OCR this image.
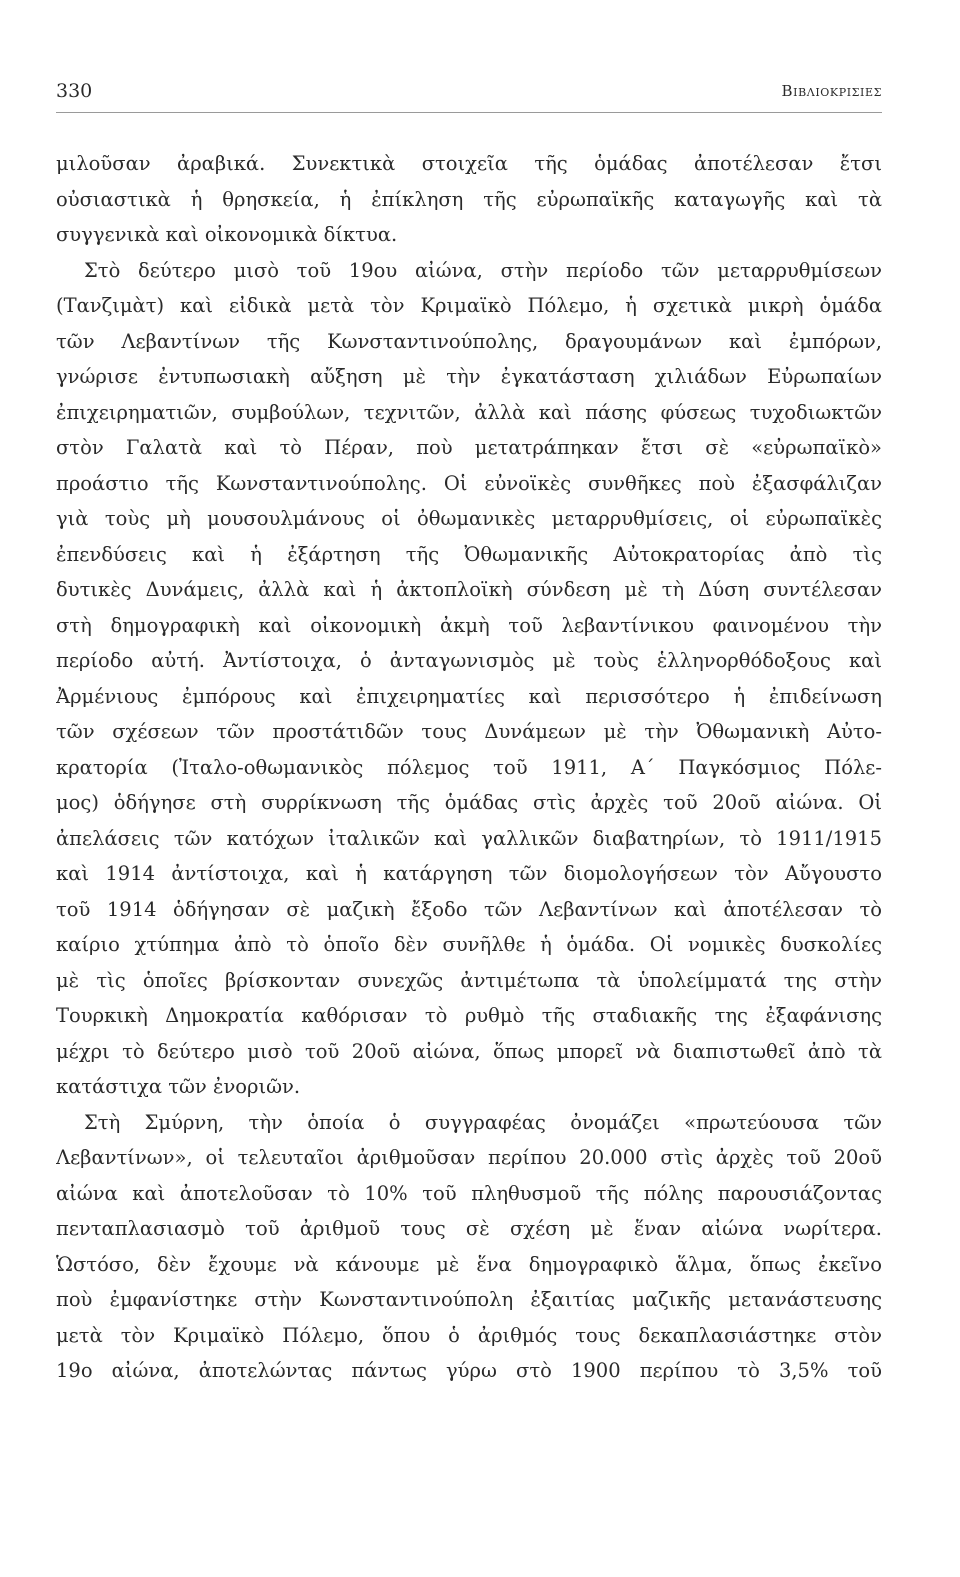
330	Βιβλιοκρισιες
μιλοῦσαν ἀραβικά. Συνεκτικὰ στοιχεῖα τῆς ὁμάδας ἀποτέλεσαν ἔτσι
οὐσιαστικὰ ἡ θρησκεία, ἡ ἐπίκληση τῆς εὐρωπαϊκῆς καταγωγῆς καὶ τὰ
συγγενικὰ καὶ οἰκονομικὰ δίκτυα.
Στὸ δεύτερο μισὸ τοῦ 19ου αἰώνα, στὴν περίοδο τῶν μεταρρυθμίσεων
(Τανζιμὰτ) καὶ εἰδικὰ μετὰ τὸν Κριμαϊκὸ Πόλεμο, ἡ σχετικὰ μικρὴ ὁμάδα
τῶν Λεβαντίνων τῆς Κωνσταντινούπολης, δραγουμάνων καὶ ἐμπόρων,
γνώρισε ἐντυπωσιακὴ αὔξηση μὲ τὴν ἐγκατάσταση χιλιάδων Εὐρωπαίων
ἐπιχειρηματιῶν, συμβούλων, τεχνιτῶν, ἀλλὰ καὶ πάσης φύσεως τυχοδιωκτῶν
στὸν Γαλατὰ καὶ τὸ Πέραν, ποὺ μετατράπηκαν ἔτσι σὲ «εὐρωπαϊκὸ»
προάστιο τῆς Κωνσταντινούπολης. Οἱ εὐνοϊκὲς συνθῆκες ποὺ ἐξασφάλιζαν
γιὰ τοὺς μὴ μουσουλμάνους οἱ ὀθωμανικὲς μεταρρυθμίσεις, οἱ εὐρωπαϊκὲς
ἐπενδύσεις καὶ ἡ ἐξάρτηση τῆς Ὀθωμανικῆς Αὐτοκρατορίας ἀπὸ τὶς
δυτικὲς Δυνάμεις, ἀλλὰ καὶ ἡ ἀκτοπλοϊκὴ σύνδεση μὲ τὴ Δύση συντέλεσαν
στὴ δημογραφικὴ καὶ οἰκονομικὴ ἀκμὴ τοῦ λεβαντίνικου φαινομένου τὴν
περίοδο αὐτή. Ἀντίστοιχα, ὁ ἀνταγωνισμὸς μὲ τοὺς ἑλληνορθόδοξους καὶ
Ἀρμένιους ἐμπόρους καὶ ἐπιχειρηματίες καὶ περισσότερο ἡ ἐπιδείνωση
τῶν σχέσεων τῶν προστάτιδῶν τους Δυνάμεων μὲ τὴν Ὀθωμανικὴ Αὐτο-
κρατορία (Ἰταλο-οθωμανικὸς πόλεμος τοῦ 1911, Α΄ Παγκόσμιος Πόλε-
μος) ὁδήγησε στὴ συρρίκνωση τῆς ὁμάδας στὶς ἀρχὲς τοῦ 20οῦ αἰώνα. Οἱ
ἀπελάσεις τῶν κατόχων ἰταλικῶν καὶ γαλλικῶν διαβατηρίων, τὸ 1911/1915
καὶ 1914 ἀντίστοιχα, καὶ ἡ κατάργηση τῶν διομολογήσεων τὸν Αὔγουστο
τοῦ 1914 ὁδήγησαν σὲ μαζικὴ ἔξοδο τῶν Λεβαντίνων καὶ ἀποτέλεσαν τὸ
καίριο χτύπημα ἀπὸ τὸ ὁποῖο δὲν συνῆλθε ἡ ὁμάδα. Οἱ νομικὲς δυσκολίες
μὲ τὶς ὁποῖες βρίσκονταν συνεχῶς ἀντιμέτωπα τὰ ὑπολείμματά της στὴν
Τουρκικὴ Δημοκρατία καθόρισαν τὸ ρυθμὸ τῆς σταδιακῆς της ἐξαφάνισης
μέχρι τὸ δεύτερο μισὸ τοῦ 20οῦ αἰώνα, ὅπως μπορεῖ νὰ διαπιστωθεῖ ἀπὸ τὰ
κατάστιχα τῶν ἐνοριῶν.
Στὴ Σμύρνη, τὴν ὁποία ὁ συγγραφέας ὀνομάζει «πρωτεύουσα τῶν
Λεβαντίνων», οἱ τελευταῖοι ἀριθμοῦσαν περίπου 20.000 στὶς ἀρχὲς τοῦ 20οῦ
αἰώνα καὶ ἀποτελοῦσαν τὸ 10% τοῦ πληθυσμοῦ τῆς πόλης παρουσιάζοντας
πενταπλασιασμὸ τοῦ ἀριθμοῦ τους σὲ σχέση μὲ ἕναν αἰώνα νωρίτερα.
Ὡστόσο, δὲν ἔχουμε νὰ κάνουμε μὲ ἕνα δημογραφικὸ ἅλμα, ὅπως ἐκεῖνο
ποὺ ἐμφανίστηκε στὴν Κωνσταντινούπολη ἐξαιτίας μαζικῆς μετανάστευσης
μετὰ τὸν Κριμαϊκὸ Πόλεμο, ὅπου ὁ ἀριθμός τους δεκαπλασιάστηκε στὸν
19ο αἰώνα, ἀποτελώντας πάντως γύρω στὸ 1900 περίπου τὸ 3,5% τοῦ
